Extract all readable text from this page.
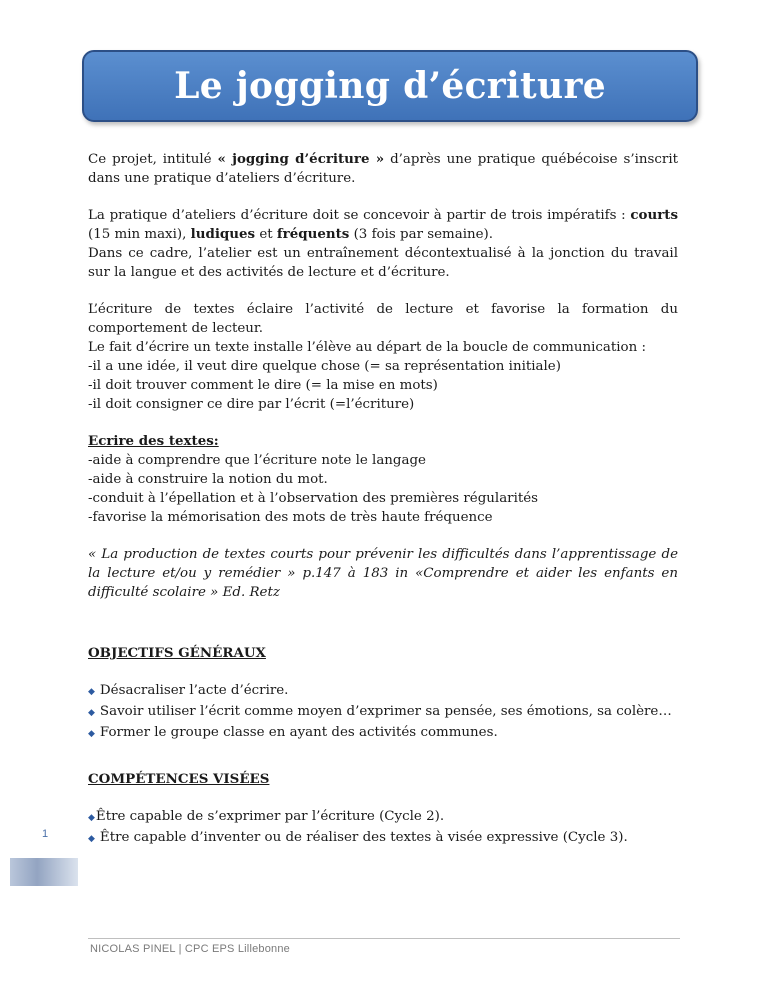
Le jogging d’écriture

Ce projet, intitulé « jogging d’écriture » d’après une pratique québécoise s’inscrit dans une pratique d’ateliers d’écriture.

La pratique d’ateliers d’écriture doit se concevoir à partir de trois impératifs : courts (15 min maxi), ludiques et fréquents (3 fois par semaine).
Dans ce cadre, l’atelier est un entraînement décontextualisé à la jonction du travail sur la langue et des activités de lecture et d’écriture.

L’écriture de textes éclaire l’activité de lecture et favorise la formation du comportement de lecteur.
Le fait d’écrire un texte installe l’élève au départ de la boucle de communication :
-il a une idée, il veut dire quelque chose (= sa représentation initiale)
-il doit trouver comment le dire (= la mise en mots)
-il doit consigner ce dire par l’écrit (=l’écriture)

Ecrire des textes:
-aide à comprendre que l’écriture note le langage
-aide à construire la notion du mot.
-conduit à l’épellation et à l’observation des premières régularités
-favorise la mémorisation des mots de très haute fréquence

« La production de textes courts pour prévenir les difficultés dans l’apprentissage de la lecture et/ou y remédier » p.147 à 183 in «Comprendre et aider les enfants en difficulté scolaire » Ed. Retz

OBJECTIFS GÉNÉRAUX
◆ Désacraliser l’acte d’écrire.
◆ Savoir utiliser l’écrit comme moyen d’exprimer sa pensée, ses émotions, sa colère…
◆ Former le groupe classe en ayant des activités communes.
COMPÉTENCES VISÉES
◆ Être capable de s’exprimer par l’écriture (Cycle 2).
◆ Être capable d’inventer ou de réaliser des textes à visée expressive (Cycle 3).
1
NICOLAS PINEL | CPC EPS Lillebonne
